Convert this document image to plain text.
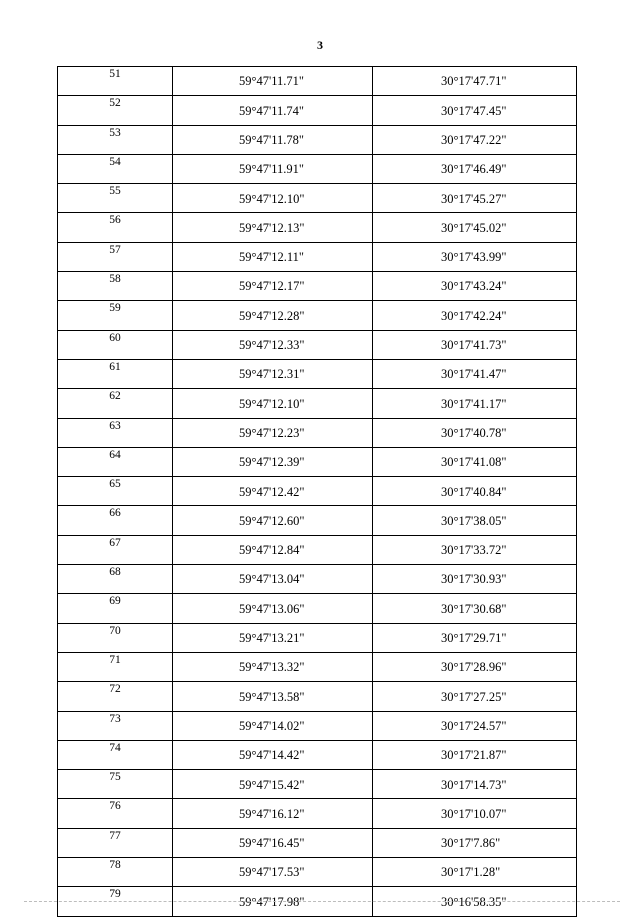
3
51	59°47'11.71"	30°17'47.71"
52	59°47'11.74"	30°17'47.45"
53	59°47'11.78"	30°17'47.22"
54	59°47'11.91"	30°17'46.49"
55	59°47'12.10"	30°17'45.27"
56	59°47'12.13"	30°17'45.02"
57	59°47'12.11"	30°17'43.99"
58	59°47'12.17"	30°17'43.24"
59	59°47'12.28"	30°17'42.24"
60	59°47'12.33"	30°17'41.73"
61	59°47'12.31"	30°17'41.47"
62	59°47'12.10"	30°17'41.17"
63	59°47'12.23"	30°17'40.78"
64	59°47'12.39"	30°17'41.08"
65	59°47'12.42"	30°17'40.84"
66	59°47'12.60"	30°17'38.05"
67	59°47'12.84"	30°17'33.72"
68	59°47'13.04"	30°17'30.93"
69	59°47'13.06"	30°17'30.68"
70	59°47'13.21"	30°17'29.71"
71	59°47'13.32"	30°17'28.96"
72	59°47'13.58"	30°17'27.25"
73	59°47'14.02"	30°17'24.57"
74	59°47'14.42"	30°17'21.87"
75	59°47'15.42"	30°17'14.73"
76	59°47'16.12"	30°17'10.07"
77	59°47'16.45"	30°17'7.86"
78	59°47'17.53"	30°17'1.28"
79	59°47'17.98"	30°16'58.35"
